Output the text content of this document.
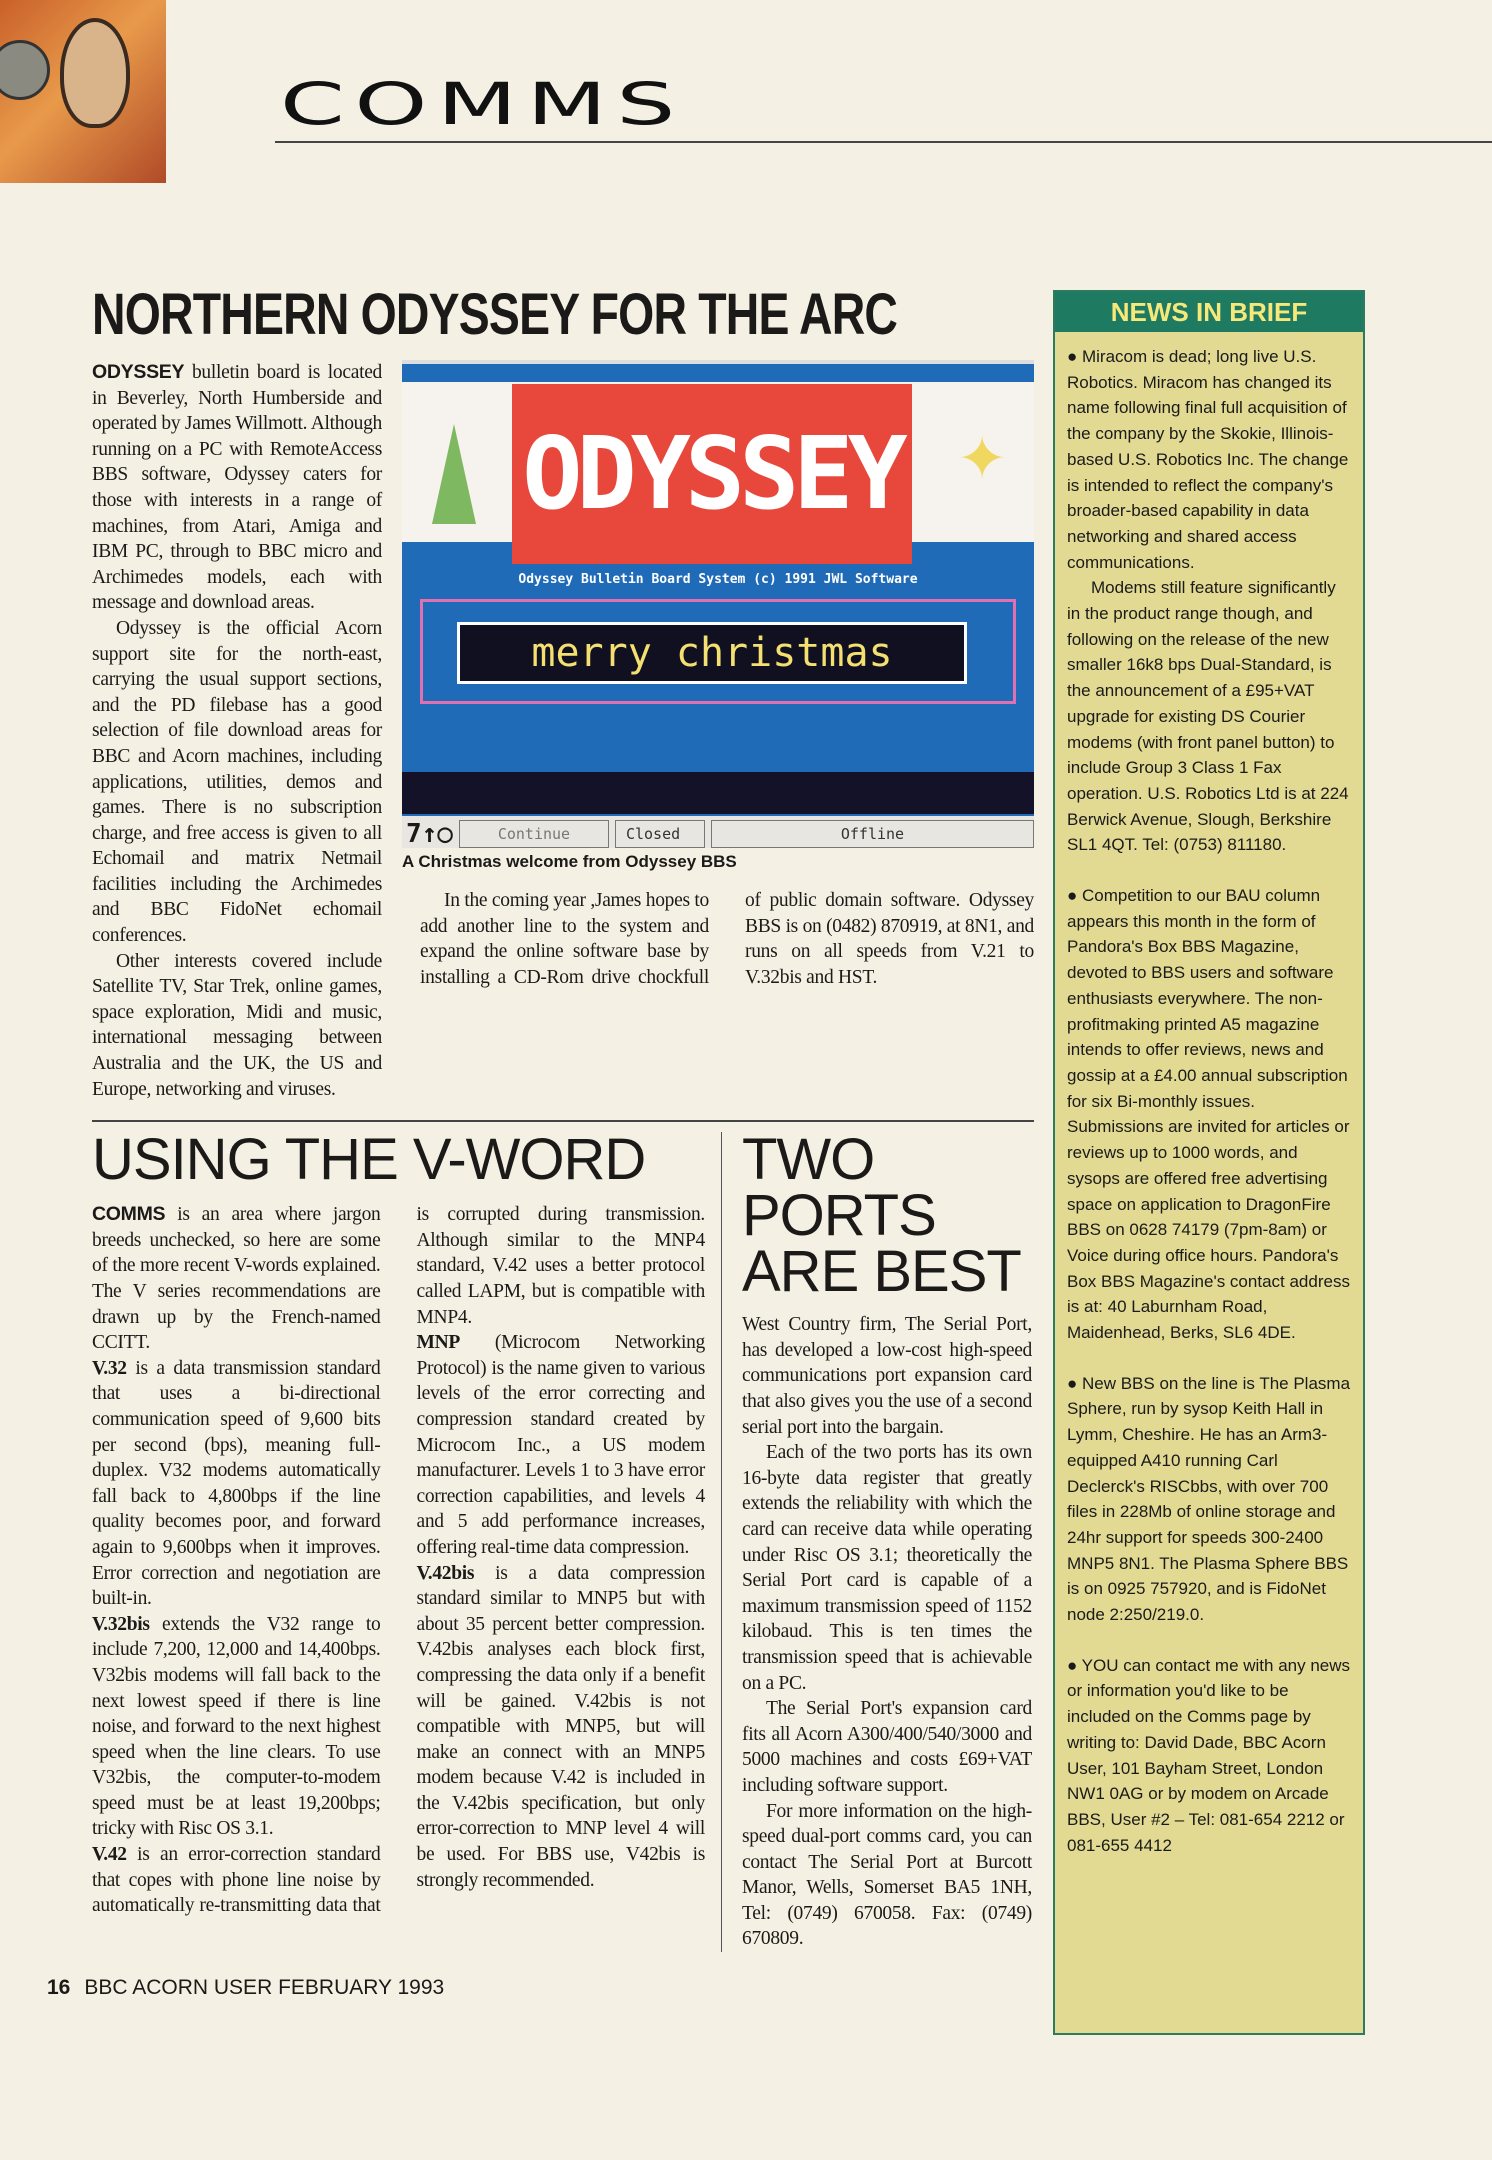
COMMS
NORTHERN ODYSSEY FOR THE ARC

ODYSSEY bulletin board is located in Beverley, North Humberside and operated by James Willmott. Although running on a PC with RemoteAccess BBS software, Odyssey caters for those with interests in a range of machines, from Atari, Amiga and IBM PC, through to BBC micro and Archimedes models, each with message and download areas.

Odyssey is the official Acorn support site for the north-east, carrying the usual support sections, and the PD filebase has a good selection of file download areas for BBC and Acorn machines, including applications, utilities, demos and games. There is no subscription charge, and free access is given to all Echomail and matrix Netmail facilities including the Archimedes and BBC FidoNet echomail conferences.

Other interests covered include Satellite TV, Star Trek, online games, space exploration, Midi and music, international messaging between Australia and the UK, the US and Europe, networking and viruses.

ODYSSEY ✦
Odyssey Bulletin Board System (c) 1991 JWL Software
merry christmas
7↑○	Continue	Closed	Offline
A Christmas welcome from Odyssey BBS

In the coming year ,James hopes to add another line to the system and expand the online software base by installing a CD-Rom drive chockfull of public domain software. Odyssey BBS is on (0482) 870919, at 8N1, and runs on all speeds from V.21 to V.32bis and HST.

USING THE V-WORD

COMMS is an area where jargon breeds unchecked, so here are some of the more recent V-words explained. The V series recommendations are drawn up by the French-named CCITT.

V.32 is a data transmission standard that uses a bi-directional communication speed of 9,600 bits per second (bps), meaning full-duplex. V32 modems automatically fall back to 4,800bps if the line quality becomes poor, and forward again to 9,600bps when it improves. Error correction and negotiation are built-in.

V.32bis extends the V32 range to include 7,200, 12,000 and 14,400bps. V32bis modems will fall back to the next lowest speed if there is line noise, and forward to the next highest speed when the line clears. To use V32bis, the computer-to-modem speed must be at least 19,200bps; tricky with Risc OS 3.1.

V.42 is an error-correction standard that copes with phone line noise by automatically re-transmitting data that is corrupted during transmission. Although similar to the MNP4 standard, V.42 uses a better protocol called LAPM, but is compatible with MNP4.

MNP (Microcom Networking Protocol) is the name given to various levels of the error correcting and compression standard created by Microcom Inc., a US modem manufacturer. Levels 1 to 3 have error correction capabilities, and levels 4 and 5 add performance increases, offering real-time data compression.

V.42bis is a data compression standard similar to MNP5 but with about 35 percent better compression. V.42bis analyses each block first, compressing the data only if a benefit will be gained. V.42bis is not compatible with MNP5, but will make an connect with an MNP5 modem because V.42 is included in the V.42bis specification, but only error-correction to MNP level 4 will be used. For BBS use, V42bis is strongly recommended.

TWO PORTS ARE BEST

West Country firm, The Serial Port, has developed a low-cost high-speed communications port expansion card that also gives you the use of a second serial port into the bargain.

Each of the two ports has its own 16-byte data register that greatly extends the reliability with which the card can receive data while operating under Risc OS 3.1; theoretically the Serial Port card is capable of a maximum transmission speed of 1152 kilobaud. This is ten times the transmission speed that is achievable on a PC.

The Serial Port's expansion card fits all Acorn A300/400/540/3000 and 5000 machines and costs £69+VAT including software support.

For more information on the high-speed dual-port comms card, you can contact The Serial Port at Burcott Manor, Wells, Somerset BA5 1NH, Tel: (0749) 670058. Fax: (0749) 670809.

16 BBC ACORN USER FEBRUARY 1993
NEWS IN BRIEF

● Miracom is dead; long live U.S. Robotics. Miracom has changed its name following final full acquisition of the company by the Skokie, Illinois-based U.S. Robotics Inc. The change is intended to reflect the company's broader-based capability in data networking and shared access communications.

Modems still feature significantly in the product range though, and following on the release of the new smaller 16k8 bps Dual-Standard, is the announcement of a £95+VAT upgrade for existing DS Courier modems (with front panel button) to include Group 3 Class 1 Fax operation. U.S. Robotics Ltd is at 224 Berwick Avenue, Slough, Berkshire SL1 4QT. Tel: (0753) 811180.

● Competition to our BAU column appears this month in the form of Pandora's Box BBS Magazine, devoted to BBS users and software enthusiasts everywhere. The non-profitmaking printed A5 magazine intends to offer reviews, news and gossip at a £4.00 annual subscription for six Bi-monthly issues. Submissions are invited for articles or reviews up to 1000 words, and sysops are offered free advertising space on application to DragonFire BBS on 0628 74179 (7pm-8am) or Voice during office hours. Pandora's Box BBS Magazine's contact address is at: 40 Laburnham Road, Maidenhead, Berks, SL6 4DE.

● New BBS on the line is The Plasma Sphere, run by sysop Keith Hall in Lymm, Cheshire. He has an Arm3-equipped A410 running Carl Declerck's RISCbbs, with over 700 files in 228Mb of online storage and 24hr support for speeds 300-2400 MNP5 8N1. The Plasma Sphere BBS is on 0925 757920, and is FidoNet node 2:250/219.0.

● YOU can contact me with any news or information you'd like to be included on the Comms page by writing to: David Dade, BBC Acorn User, 101 Bayham Street, London NW1 0AG or by modem on Arcade BBS, User #2 – Tel: 081-654 2212 or 081-655 4412
